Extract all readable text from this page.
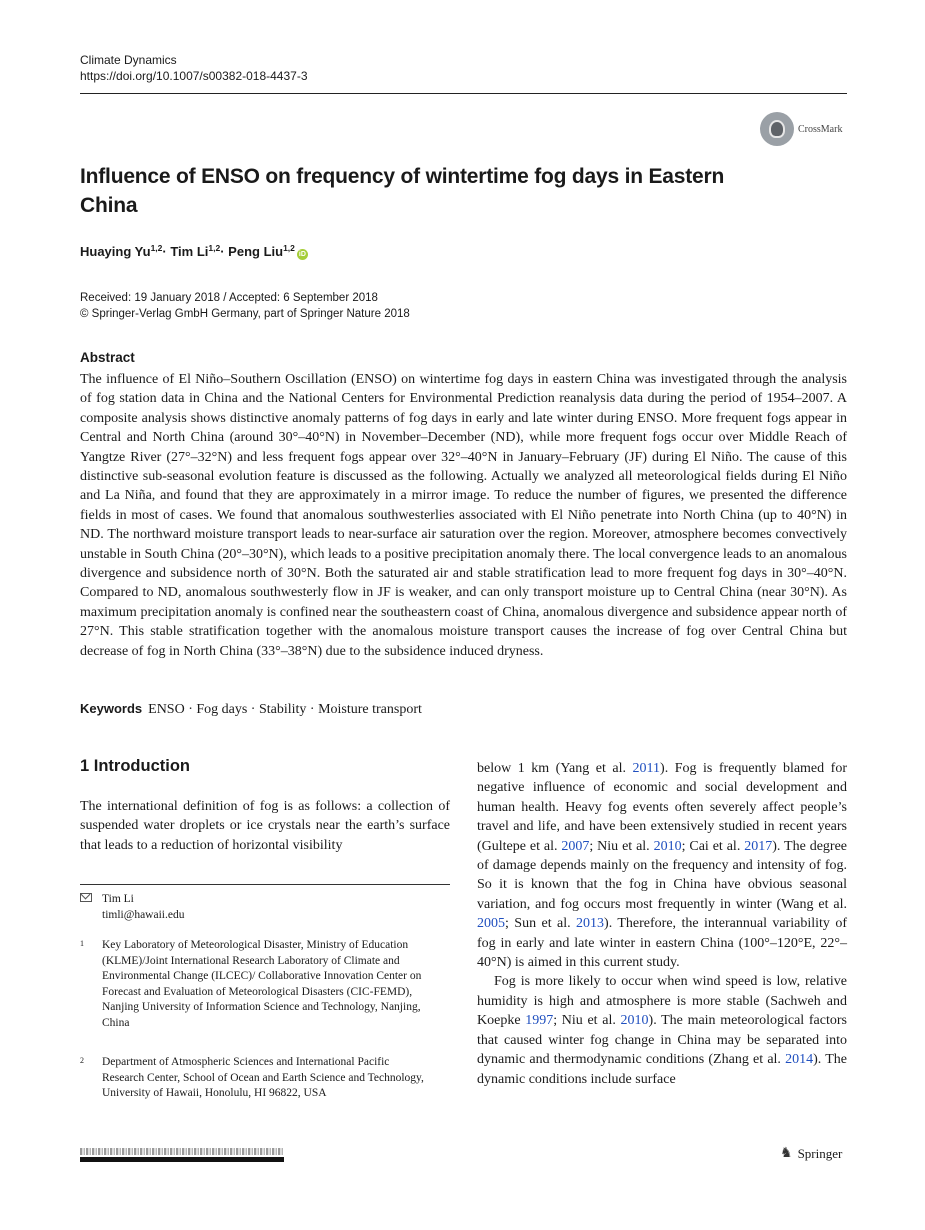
Climate Dynamics
https://doi.org/10.1007/s00382-018-4437-3
CrossMark
Influence of ENSO on frequency of wintertime fog days in Eastern China
Huaying Yu$^{1,2}$· Tim Li$^{1,2}$· Peng Liu$^{1,2}$iD
Received: 19 January 2018 / Accepted: 6 September 2018
© Springer-Verlag GmbH Germany, part of Springer Nature 2018
Abstract
The influence of El Niño–Southern Oscillation (ENSO) on wintertime fog days in eastern China was investigated through the analysis of fog station data in China and the National Centers for Environmental Prediction reanalysis data during the period of 1954–2007. A composite analysis shows distinctive anomaly patterns of fog days in early and late winter during ENSO. More frequent fogs appear in Central and North China (around 30°–40°N) in November–December (ND), while more frequent fogs occur over Middle Reach of Yangtze River (27°–32°N) and less frequent fogs appear over 32°–40°N in January–February (JF) during El Niño. The cause of this distinctive sub-seasonal evolution feature is discussed as the following. Actually we analyzed all meteorological fields during El Niño and La Niña, and found that they are approximately in a mirror image. To reduce the number of figures, we presented the difference fields in most of cases. We found that anomalous southwesterlies associated with El Niño penetrate into North China (up to 40°N) in ND. The northward moisture transport leads to near-surface air saturation over the region. Moreover, atmosphere becomes convectively unstable in South China (20°–30°N), which leads to a positive precipitation anomaly there. The local convergence leads to an anomalous divergence and subsidence north of 30°N. Both the saturated air and stable stratification lead to more frequent fog days in 30°–40°N. Compared to ND, anomalous southwesterly flow in JF is weaker, and can only transport moisture up to Central China (near 30°N). As maximum precipitation anomaly is confined near the southeastern coast of China, anomalous divergence and subsidence appear north of 27°N. This stable stratification together with the anomalous moisture transport causes the increase of fog over Central China but decrease of fog in North China (33°–38°N) due to the subsidence induced dryness.
Keywords ENSO · Fog days · Stability · Moisture transport
1 Introduction
The international definition of fog is as follows: a collection of suspended water droplets or ice crystals near the earth’s surface that leads to a reduction of horizontal visibility

below 1 km (Yang et al. 2011). Fog is frequently blamed for negative influence of economic and social development and human health. Heavy fog events often severely affect people’s travel and life, and have been extensively studied in recent years (Gultepe et al. 2007; Niu et al. 2010; Cai et al. 2017). The degree of damage depends mainly on the frequency and intensity of fog. So it is known that the fog in China have obvious seasonal variation, and fog occurs most frequently in winter (Wang et al. 2005; Sun et al. 2013). Therefore, the interannual variability of fog in early and late winter in eastern China (100°–120°E, 22°–40°N) is aimed in this current study.

Fog is more likely to occur when wind speed is low, relative humidity is high and atmosphere is more stable (Sachweh and Koepke 1997; Niu et al. 2010). The main meteorological factors that caused winter fog change in China may be separated into dynamic and thermodynamic conditions (Zhang et al. 2014). The dynamic conditions include surface

Tim Li
timli@hawaii.edu
1 Key Laboratory of Meteorological Disaster, Ministry of Education (KLME)/Joint International Research Laboratory of Climate and Environmental Change (ILCEC)/ Collaborative Innovation Center on Forecast and Evaluation of Meteorological Disasters (CIC-FEMD), Nanjing University of Information Science and Technology, Nanjing, China
2 Department of Atmospheric Sciences and International Pacific Research Center, School of Ocean and Earth Science and Technology, University of Hawaii, Honolulu, HI 96822, USA
♞ Springer
